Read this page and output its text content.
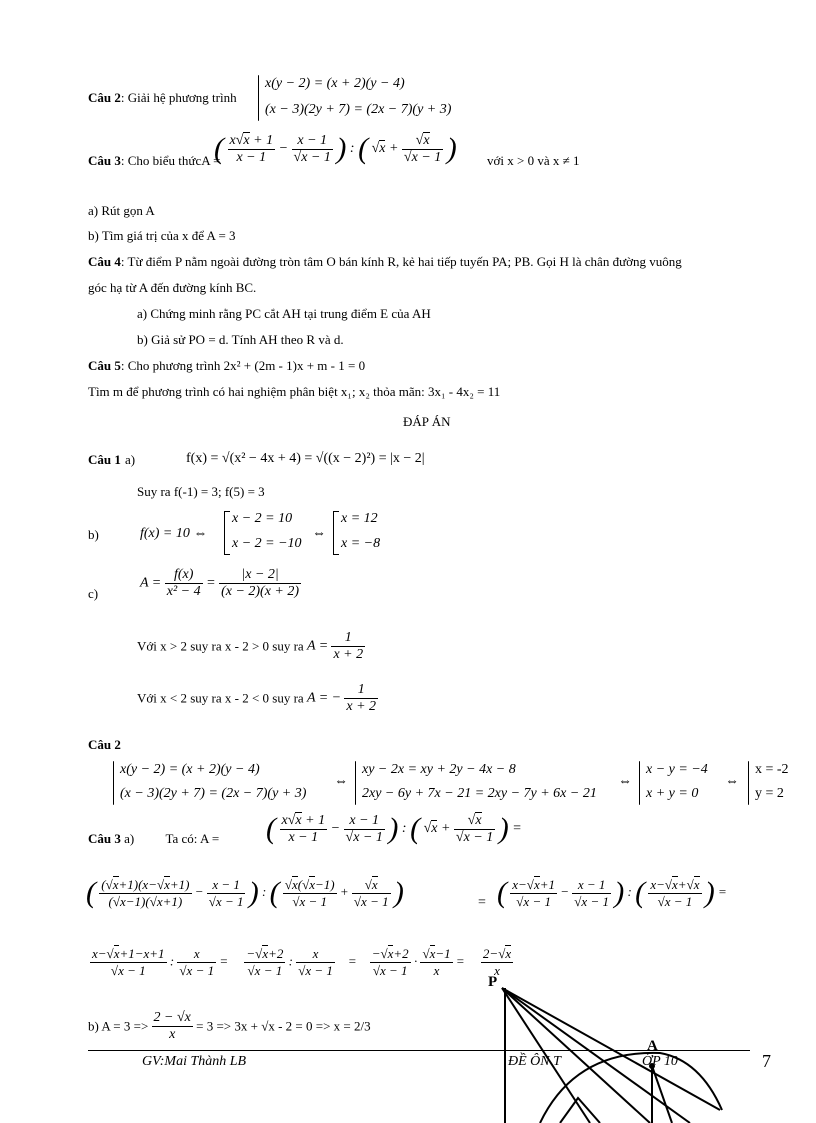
Câu 2: Giải hệ phương trình
x(y − 2) = (x + 2)(y − 4)
(x − 3)(2y + 7) = (2x − 7)(y + 3)
Câu 3: Cho biểu thứcA =
( $\frac{x√x + 1}{x - 1} - \frac{x - 1}{√x - 1}$ ) : ( $√x + \frac{√x}{√x - 1}$ ) với x > 0 và x ≠ 1
a) Rút gọn A
b) Tìm giá trị của x để A = 3
Câu 4: Từ điểm P nằm ngoài đường tròn tâm O bán kính R, kẻ hai tiếp tuyến PA; PB. Gọi H là chân đường vuông
góc hạ từ A đến đường kính BC.
a) Chứng minh rằng PC cắt AH tại trung điểm E của AH
b) Giả sử PO = d. Tính AH theo R và d.
Câu 5: Cho phương trình 2x² + (2m - 1)x + m - 1 = 0
Tìm m để phương trình có hai nghiệm phân biệt x₁; x₂ thỏa mãn: 3x₁ - 4x₂ = 11
ĐÁP ÁN
Câu 1 a)	f(x) = √(x² − 4x + 4) = √((x − 2)²) = |x − 2|
Suy ra f(-1) = 3; f(5) = 3
b)	f(x) = 10 ⇔
x − 2 = 10
x − 2 = −10
⇔
x = 12
x = −8
c)
$A = \frac{f(x)}{\text{x² − 4}} = \frac{|x - 2|}{(x - 2)(x + 2)}$
Với x > 2 suy ra x - 2 > 0 suy ra $A = \frac{1}{x + 2}$
Với x < 2 suy ra x - 2 < 0 suy ra A = − $\frac{1}{x + 2}$
Câu 2
x(y − 2) = (x + 2)(y − 4)
(x − 3)(2y + 7) = (2x − 7)(y + 3)
⇔
xy − 2x = xy + 2y − 4x − 8
2xy − 6y + 7x − 21 = 2xy − 7y + 6x − 21
⇔
x − y = −4
x + y = 0
⇔
x = -2
y = 2
Câu 3 a) Ta có: A = ( $\frac{x√x + 1}{x - 1} - \frac{x - 1}{√x - 1}$ ) : ( $√x + \frac{√x}{√x - 1}$ ) =
( $\frac{(√x+1)(x-√x+1)}{(√x-1)(√x+1)} - \frac{x - 1}{√x - 1}$ ) : ( $\frac{√x(√x-1)}{√x - 1} + \frac{√x}{√x - 1}$ )	= ( $\frac{x-√x+1}{√x - 1} - \frac{x - 1}{√x - 1}$ ) : ( $\frac{x-√x+√x}{√x - 1}$ ) =
$\frac{x-√x+1-x+1}{√x - 1}$ : $\frac{x}{√x - 1} = \frac{-√x+2}{√x - 1}$ : $\frac{x}{√x - 1} = \frac{-√x+2}{√x - 1} \cdot \frac{√x-1}{x} = \frac{2-√x}{x}$
b) $A = 3 => \frac{2 - √x}{x} = 3 => 3x + √x - 2 = 0 => x = 2/3$
P
A
GV:Mai Thành LB	ĐỀ ÔN T	ỚP 10	7
